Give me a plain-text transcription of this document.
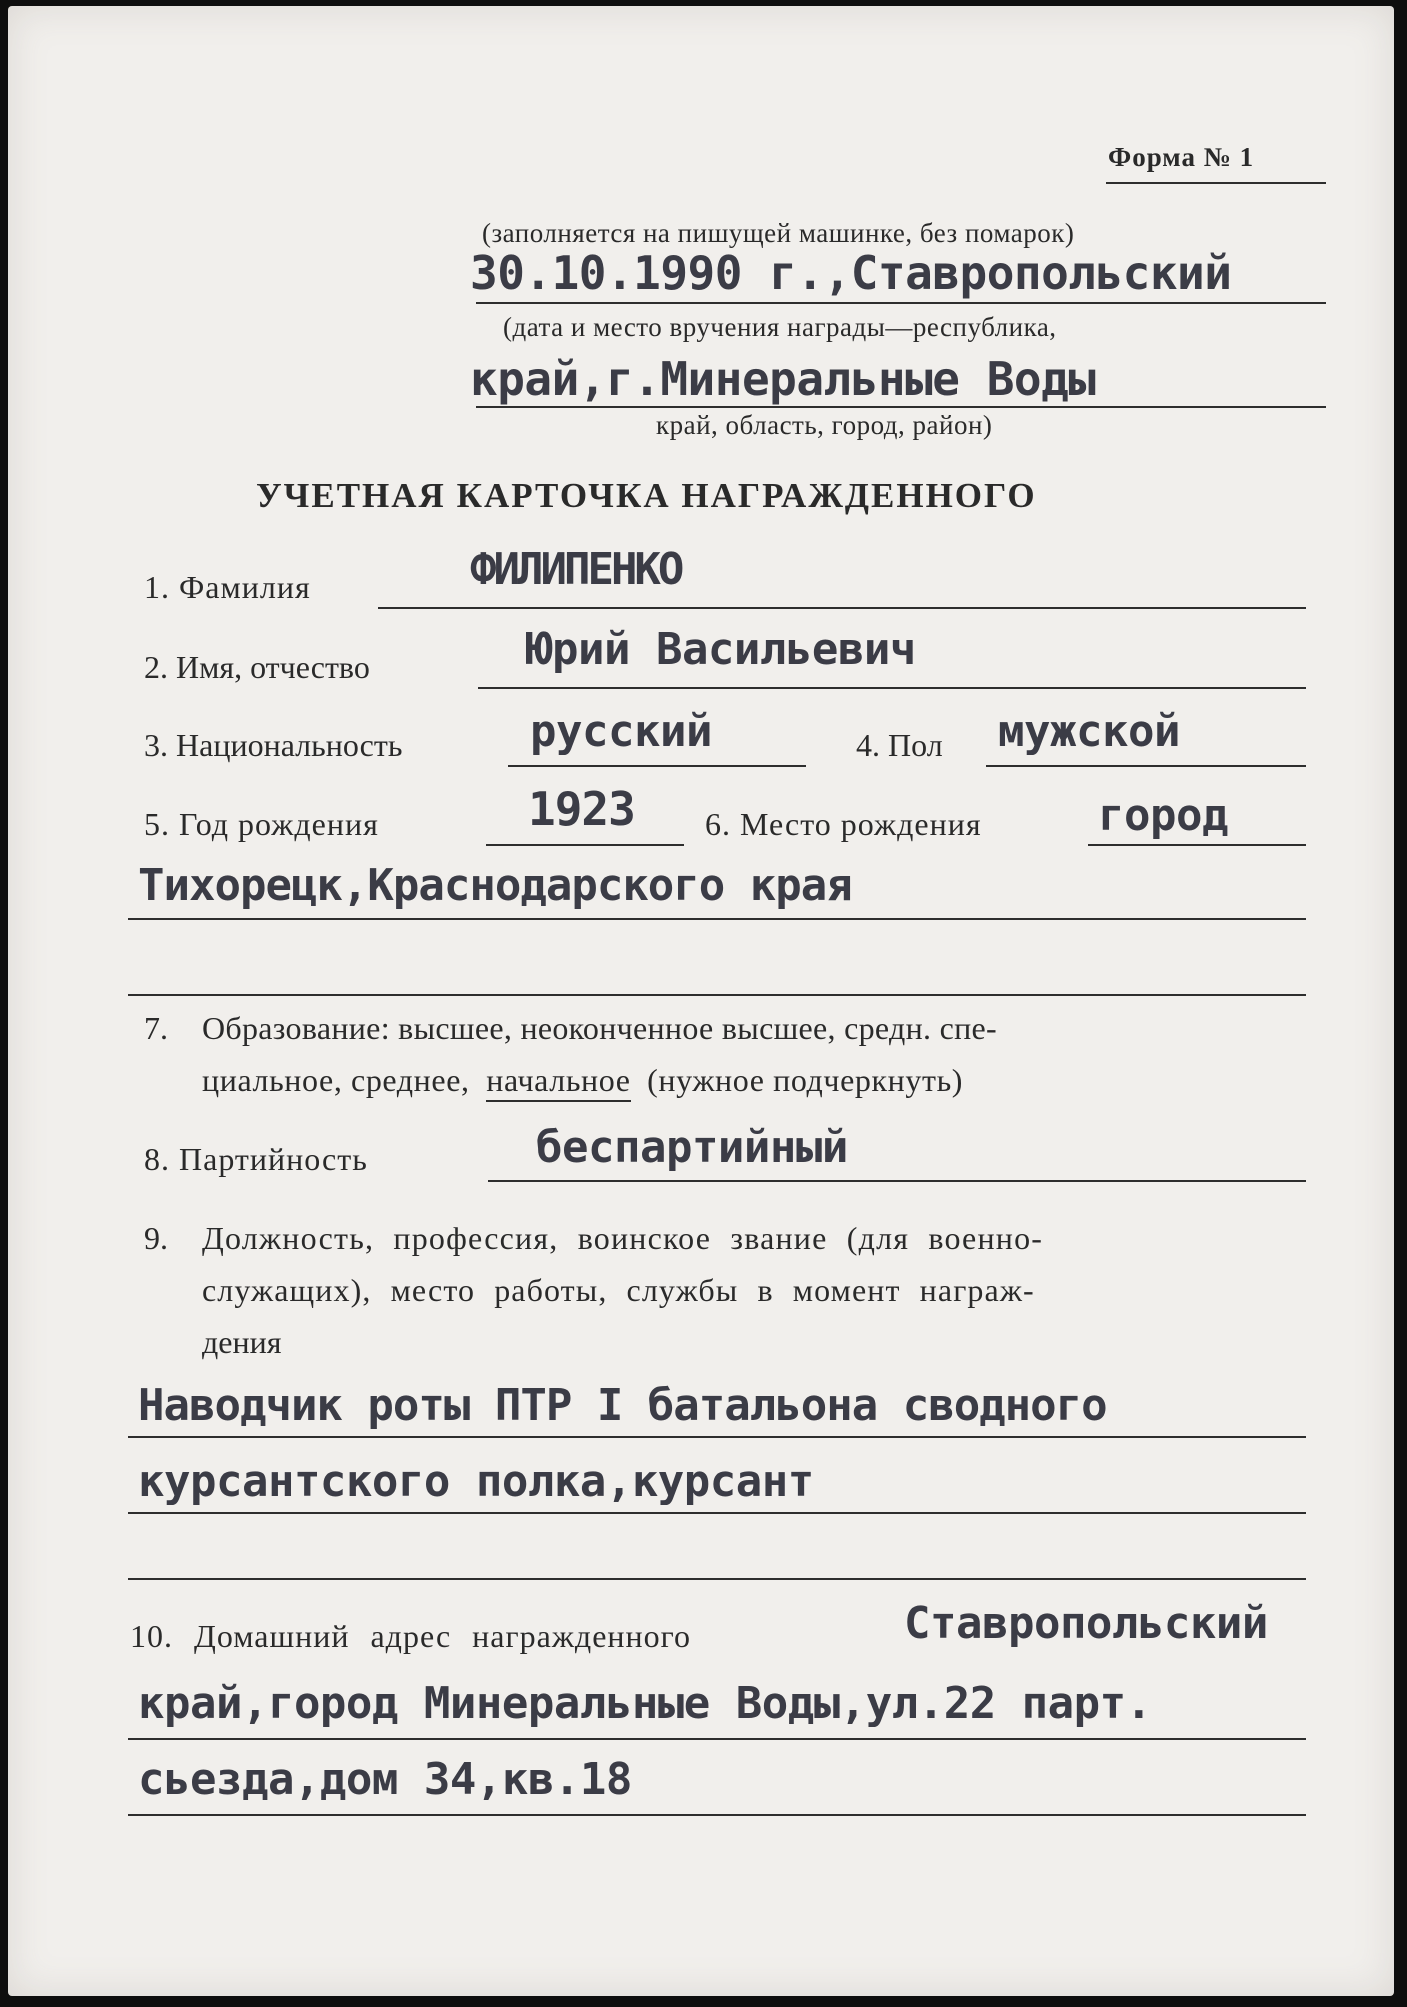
Форма № 1
(заполняется на пишущей машинке, без помарок)
30.10.1990 г.,Ставропольский
(дата и место вручения награды—республика,
край,г.Минеральные Воды
край, область, город, район)
УЧЕТНАЯ КАРТОЧКА НАГРАЖДЕННОГО
1. Фамилия	ФИЛИПЕНКО
2. Имя, отчество	Юрий Васильевич
3. Национальность	русский	4. Пол мужской
5. Год рождения	1923 6. Место рождения	город
Тихорецк,Краснодарского края
7. Образование: высшее, неоконченное высшее, средн. спе-
циальное, среднее, начальное (нужное подчеркнуть)
8. Партийность	беспартийный
9. Должность, профессия, воинское звание (для военно-
служащих), место работы, службы в момент награж-
дения
Наводчик роты ПТР I батальона сводного
курсантского полка,курсант
10. Домашний адрес награжденного	Ставропольский
край,город Минеральные Воды,ул.22 парт.
сьезда,дом 34,кв.18
